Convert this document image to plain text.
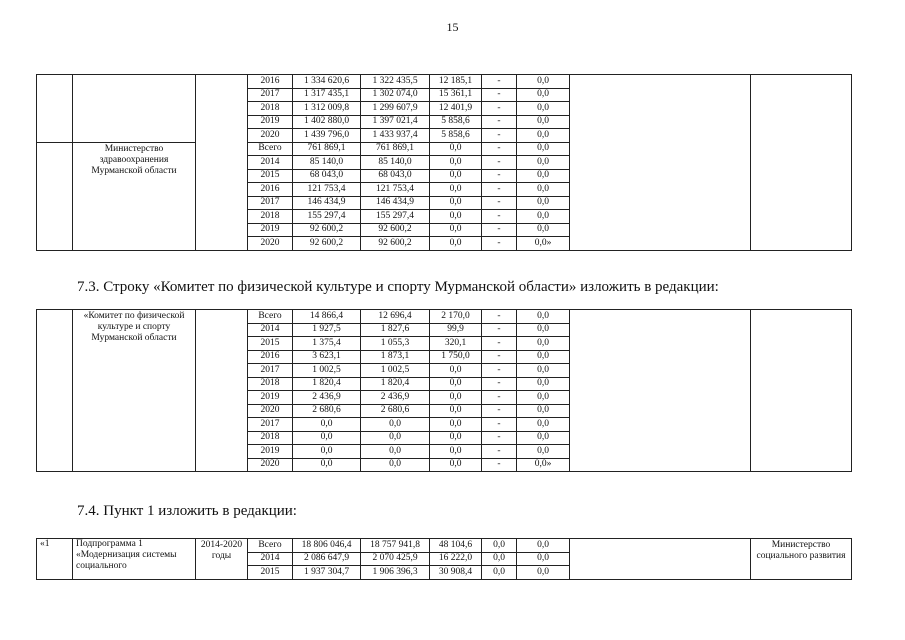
15
			2016	1 334 620,6	1 322 435,5	12 185,1	-	0,0		
			2017	1 317 435,1	1 302 074,0	15 361,1	-	0,0		
			2018	1 312 009,8	1 299 607,9	12 401,9	-	0,0		
			2019	1 402 880,0	1 397 021,4	5 858,6	-	0,0		
			2020	1 439 796,0	1 433 937,4	5 858,6	-	0,0		
	Министерство здравоохранения Мурманской области		Всего	761 869,1	761 869,1	0,0	-	0,0		
			2014	85 140,0	85 140,0	0,0	-	0,0		
			2015	68 043,0	68 043,0	0,0	-	0,0		
			2016	121 753,4	121 753,4	0,0	-	0,0		
			2017	146 434,9	146 434,9	0,0	-	0,0		
			2018	155 297,4	155 297,4	0,0	-	0,0		
			2019	92 600,2	92 600,2	0,0	-	0,0		
			2020	92 600,2	92 600,2	0,0	-	0,0»		
7.3. Строку «Комитет по физической культуре и спорту Мурманской области» изложить в редакции:
	«Комитет по физической культуре и спорту Мурманской области		Всего	14 866,4	12 696,4	2 170,0	-	0,0		
			2014	1 927,5	1 827,6	99,9	-	0,0		
			2015	1 375,4	1 055,3	320,1	-	0,0		
			2016	3 623,1	1 873,1	1 750,0	-	0,0		
			2017	1 002,5	1 002,5	0,0	-	0,0		
			2018	1 820,4	1 820,4	0,0	-	0,0		
			2019	2 436,9	2 436,9	0,0	-	0,0		
			2020	2 680,6	2 680,6	0,0	-	0,0		
			2017	0,0	0,0	0,0	-	0,0		
			2018	0,0	0,0	0,0	-	0,0		
			2019	0,0	0,0	0,0	-	0,0		
			2020	0,0	0,0	0,0	-	0,0»		
7.4. Пункт 1 изложить в редакции:
«1	Подпрограмма 1 «Модернизация системы социального	2014-2020 годы	Всего	18 806 046,4	18 757 941,8	48 104,6	0,0	0,0		Министерство социального развития
			2014	2 086 647,9	2 070 425,9	16 222,0	0,0	0,0		
			2015	1 937 304,7	1 906 396,3	30 908,4	0,0	0,0		
